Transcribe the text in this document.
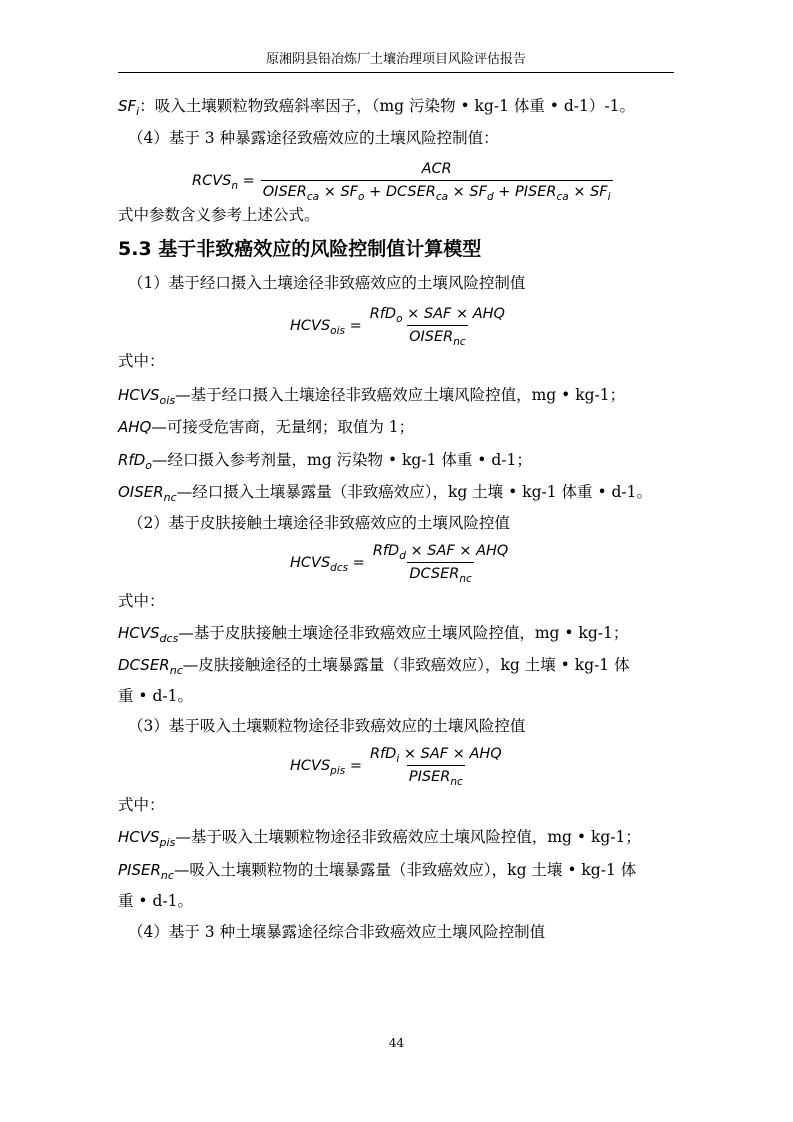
原湘阴县铅冶炼厂土壤治理项目风险评估报告
$SF_i$：吸入土壤颗粒物致癌斜率因子，（mg 污染物 • kg-1 体重 • d-1）-1。
（4）基于 3 种暴露途径致癌效应的土壤风险控制值：
$RCVS_n = \frac{\text{ACR}}{OISER_{ca} \times SF_o + DCSER_{ca} \times SF_d + PISER_{ca} \times SF_i}$
式中参数含义参考上述公式。
5.3 基于非致癌效应的风险控制值计算模型
（1）基于经口摄入土壤途径非致癌效应的土壤风险控制值
$HCVS_{ois} = \frac{RfD_o \times SAF \times AHQ}{OISER_{nc}}$
式中：
$HCVS_{ois}—$基于经口摄入土壤途径非致癌效应土壤风险控值，mg • kg-1；
AHQ—可接受危害商，无量纲；取值为 1；
RfD$_o$—经口摄入参考剂量，mg 污染物 • kg-1 体重 • d-1；
$OISER_{nc}—$经口摄入土壤暴露量（非致癌效应），kg 土壤 • kg-1 体重 • d-1。
（2）基于皮肤接触土壤途径非致癌效应的土壤风险控值
$HCVS_{dcs} = \frac{RfD_d \times SAF \times AHQ}{DCSER_{nc}}$
式中：
$HCVS_{dcs}—$基于皮肤接触土壤途径非致癌效应土壤风险控值，mg • kg-1；
$DCSER_{nc}—$皮肤接触途径的土壤暴露量（非致癌效应），kg 土壤 • kg-1 体
重 • d-1。
（3）基于吸入土壤颗粒物途径非致癌效应的土壤风险控值
$HCVS_{pis} = \frac{RfD_i \times SAF \times AHQ}{PISER_{nc}}$
式中：
$HCVS_{pis}—$基于吸入土壤颗粒物途径非致癌效应土壤风险控值，mg • kg-1；
$PISER_{nc}—$吸入土壤颗粒物的土壤暴露量（非致癌效应），kg 土壤 • kg-1 体
重 • d-1。
（4）基于 3 种土壤暴露途径综合非致癌效应土壤风险控制值
44
